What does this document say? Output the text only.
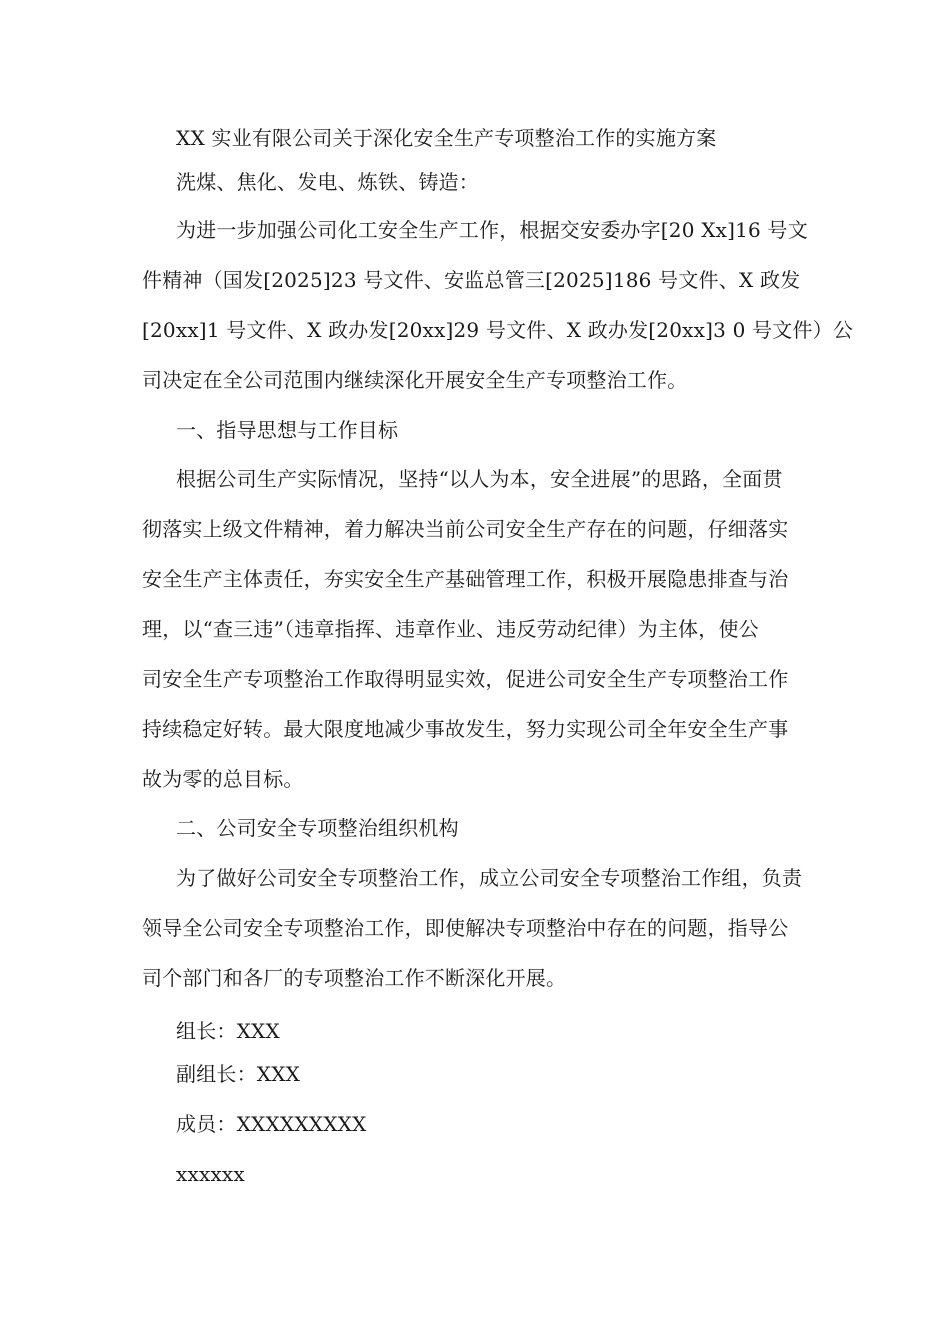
XX 实业有限公司关于深化安全生产专项整治工作的实施方案
洗煤、焦化、发电、炼铁、铸造：
为进一步加强公司化工安全生产工作，根据交安委办字[20 Xx]16 号文
件精神（国发[2025]23 号文件、安监总管三[2025]186 号文件、X 政发
[20xx]1 号文件、X 政办发[20xx]29 号文件、X 政办发[20xx]3 0 号文件）公
司决定在全公司范围内继续深化开展安全生产专项整治工作。
一、指导思想与工作目标
根据公司生产实际情况，坚持“以人为本，安全进展”的思路，全面贯
彻落实上级文件精神，着力解决当前公司安全生产存在的问题，仔细落实
安全生产主体责任，夯实安全生产基础管理工作，积极开展隐患排查与治
理，以“查三违”（违章指挥、违章作业、违反劳动纪律）为主体，使公
司安全生产专项整治工作取得明显实效，促进公司安全生产专项整治工作
持续稳定好转。最大限度地减少事故发生，努力实现公司全年安全生产事
故为零的总目标。
二、公司安全专项整治组织机构
为了做好公司安全专项整治工作，成立公司安全专项整治工作组，负责
领导全公司安全专项整治工作，即使解决专项整治中存在的问题，指导公
司个部门和各厂的专项整治工作不断深化开展。
组长：XXX
副组长：XXX
成员：XXXXXXXXX
xxxxxx
